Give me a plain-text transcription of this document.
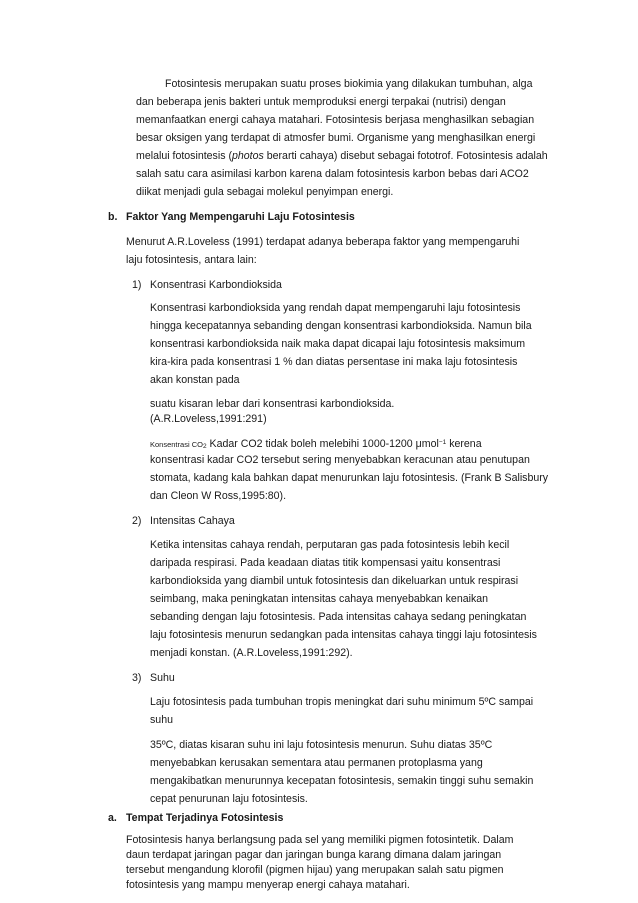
Fotosintesis merupakan suatu proses biokimia yang dilakukan tumbuhan, alga
dan beberapa jenis bakteri untuk memproduksi energi terpakai (nutrisi) dengan
memanfaatkan energi cahaya matahari. Fotosintesis berjasa menghasilkan sebagian
besar oksigen yang terdapat di atmosfer bumi. Organisme yang menghasilkan energi
melalui fotosintesis (photos berarti cahaya) disebut sebagai fototrof. Fotosintesis adalah
salah satu cara asimilasi karbon karena dalam fotosintesis karbon bebas dari ACO2
diikat menjadi gula sebagai molekul penyimpan energi.
b. Faktor Yang Mempengaruhi Laju Fotosintesis
Menurut A.R.Loveless (1991) terdapat adanya beberapa faktor yang mempengaruhi
laju fotosintesis, antara lain:
1) Konsentrasi Karbondioksida
Konsentrasi karbondioksida yang rendah dapat mempengaruhi laju fotosintesis
hingga kecepatannya sebanding dengan konsentrasi karbondioksida. Namun bila
konsentrasi karbondioksida naik maka dapat dicapai laju fotosintesis maksimum
kira-kira pada konsentrasi 1 % dan diatas persentase ini maka laju fotosintesis
akan konstan pada
suatu kisaran lebar dari konsentrasi karbondioksida.
(A.R.Loveless,1991:291)
Konsentrasi $CO_2$ Kadar CO2 tidak boleh melebihi 1000-1200 μmol$^{-1}$ kerena
konsentrasi kadar CO2 tersebut sering menyebabkan keracunan atau penutupan
stomata, kadang kala bahkan dapat menurunkan laju fotosintesis. (Frank B Salisbury
dan Cleon W Ross,1995:80).
2) Intensitas Cahaya
Ketika intensitas cahaya rendah, perputaran gas pada fotosintesis lebih kecil
daripada respirasi. Pada keadaan diatas titik kompensasi yaitu konsentrasi
karbondioksida yang diambil untuk fotosintesis dan dikeluarkan untuk respirasi
seimbang, maka peningkatan intensitas cahaya menyebabkan kenaikan
sebanding dengan laju fotosintesis. Pada intensitas cahaya sedang peningkatan
laju fotosintesis menurun sedangkan pada intensitas cahaya tinggi laju fotosintesis
menjadi konstan. (A.R.Loveless,1991:292).
3) Suhu
Laju fotosintesis pada tumbuhan tropis meningkat dari suhu minimum 5ºC sampai
suhu
35ºC, diatas kisaran suhu ini laju fotosintesis menurun. Suhu diatas 35ºC
menyebabkan kerusakan sementara atau permanen protoplasma yang
mengakibatkan menurunnya kecepatan fotosintesis, semakin tinggi suhu semakin
cepat penurunan laju fotosintesis.
a. Tempat Terjadinya Fotosintesis
Fotosintesis hanya berlangsung pada sel yang memiliki pigmen fotosintetik. Dalam
daun terdapat jaringan pagar dan jaringan bunga karang dimana dalam jaringan
tersebut mengandung klorofil (pigmen hijau) yang merupakan salah satu pigmen
fotosintesis yang mampu menyerap energi cahaya matahari.
